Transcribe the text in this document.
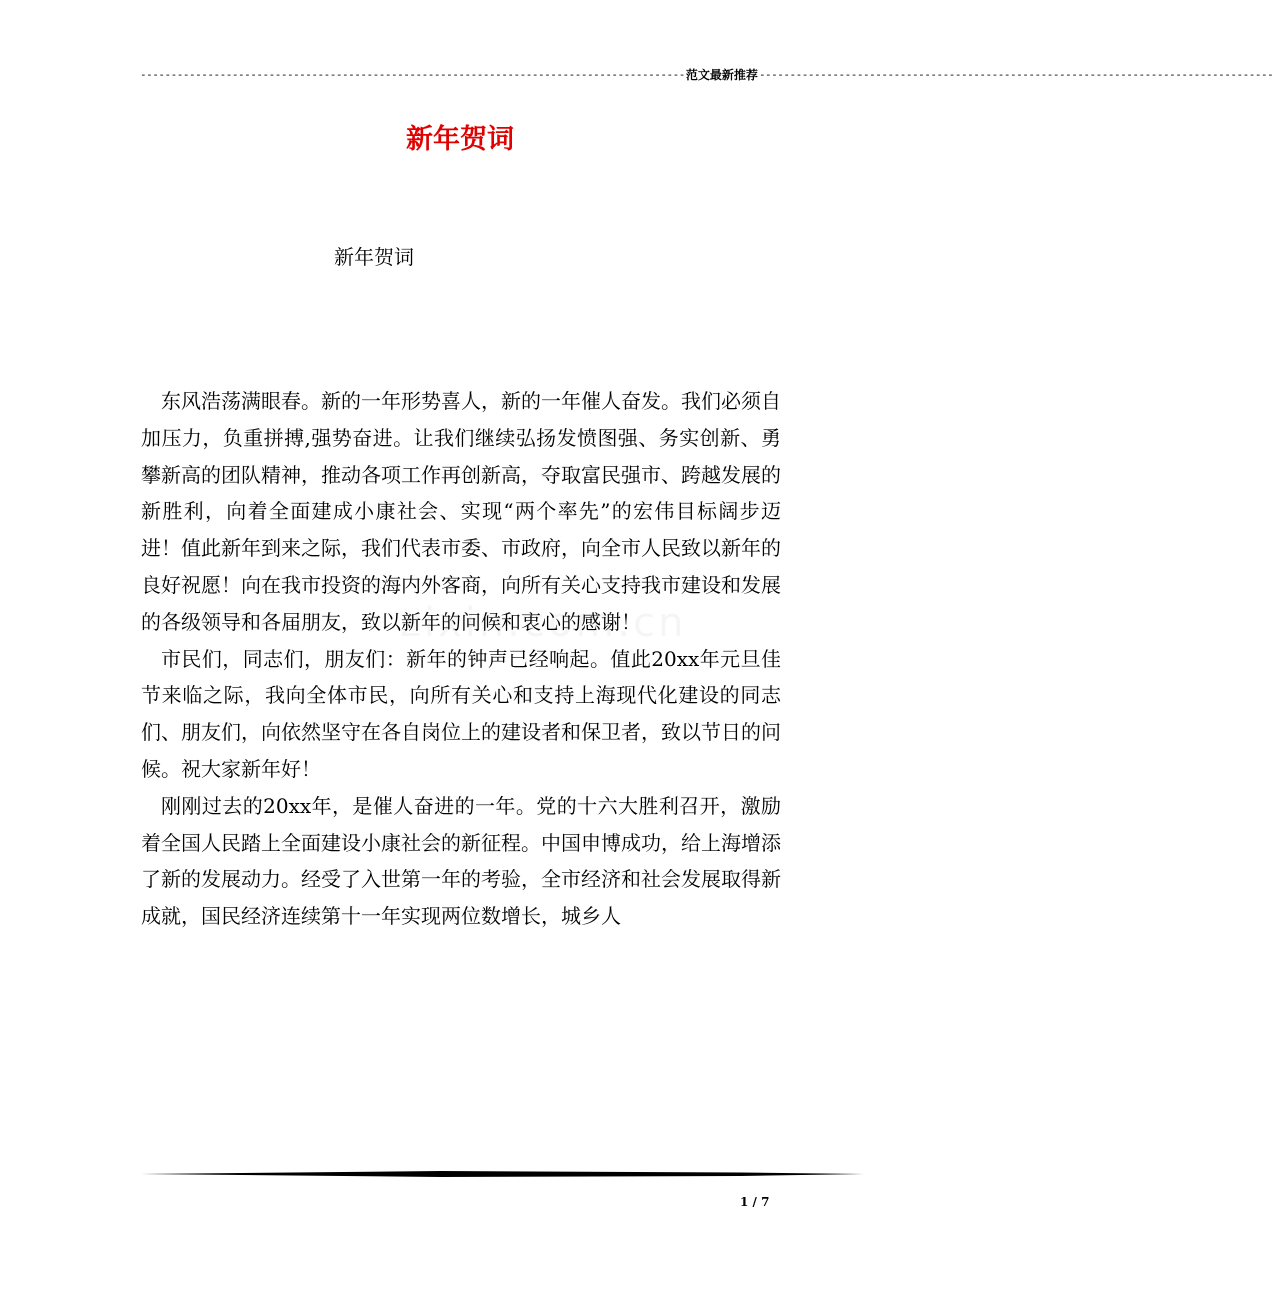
----------------------------------------------------------------------------------------- 范文最新推荐 ------------------------------------------------------------------------------------
新年贺词
新年贺词

东风浩荡满眼春。新的一年形势喜人，新的一年催人奋发。我们必须自加压力，负重拼搏,强势奋进。让我们继续弘扬发愤图强、务实创新、勇攀新高的团队精神，推动各项工作再创新高，夺取富民强市、跨越发展的新胜利，向着全面建成小康社会、实现“两个率先”的宏伟目标阔步迈进！值此新年到来之际，我们代表市委、市政府，向全市人民致以新年的良好祝愿！向在我市投资的海内外客商，向所有关心支持我市建设和发展的各级领导和各届朋友，致以新年的问候和衷心的感谢！

市民们，同志们，朋友们：新年的钟声已经响起。值此20xx年元旦佳节来临之际，我向全体市民，向所有关心和支持上海现代化建设的同志们、朋友们，向依然坚守在各自岗位上的建设者和保卫者，致以节日的问候。祝大家新年好！

刚刚过去的20xx年，是催人奋进的一年。党的十六大胜利召开，激励着全国人民踏上全面建设小康社会的新征程。中国申博成功，给上海增添了新的发展动力。经受了入世第一年的考验，全市经济和社会发展取得新成就，国民经济连续第十一年实现两位数增长，城乡人

1 / 7
